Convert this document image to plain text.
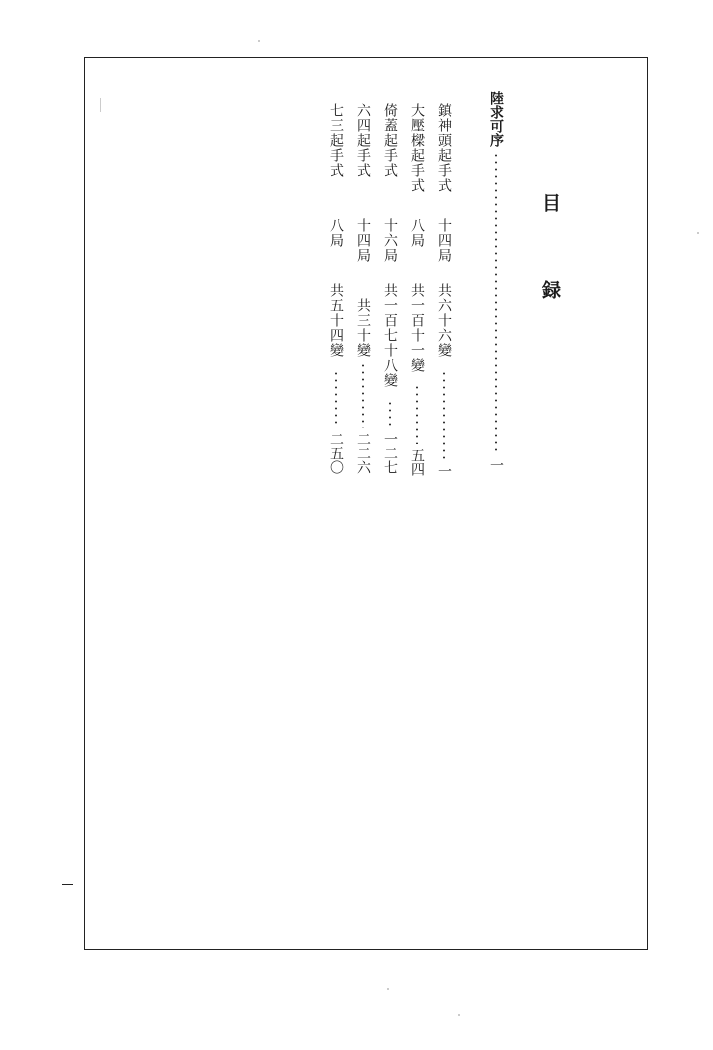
目 録
陸求可序
一
鎮神頭起手式
十四局
共六十六變
一
大壓樑起手式
八局
共一百十一變
五四
倚蓋起手式
十六局
共一百七十八變
一二七
六四起手式
十四局
共三十變
二二六
七三起手式
八局
共五十四變
二五〇
